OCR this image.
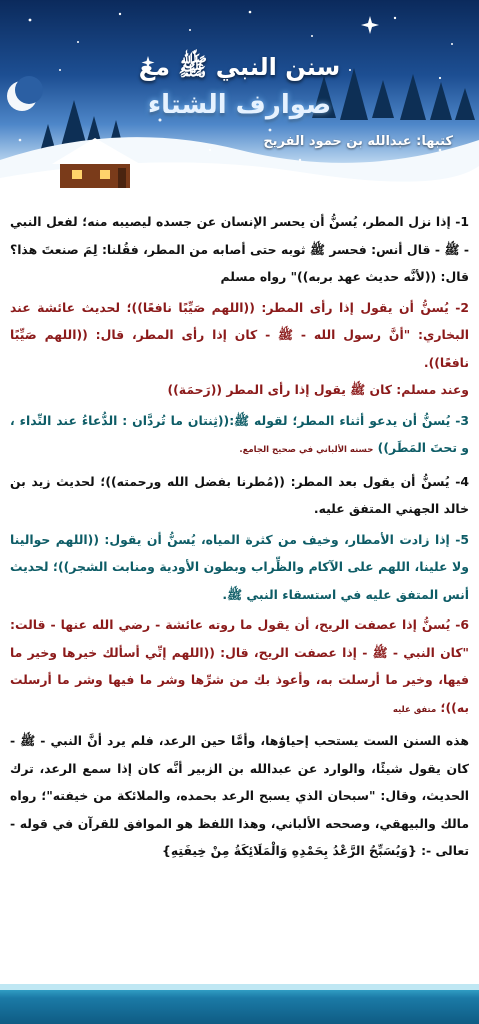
سنن النبي ﷺ مع
صوارف الشتاء
كتبها: عبدالله بن حمود الفريح

1- إذا نزل المطر، يُسنُّ أن يحسر الإنسان عن جسده ليصيبه منه؛ لفعل النبي - ﷺ - قال أنس: فحسر ﷺ ثوبه حتى أصابه من المطر، فقُلنا: لِمَ صنعتَ هذا؟ قال: ((لأنَّه حديث عهد بربه))" رواه مسلم

2- يُسنُّ أن يقول إذا رأى المطر: ((اللهم صَيِّبًا نافعًا))؛ لحديث عائشة عند البخاري: "أنَّ رسول الله - ﷺ - كان إذا رأى المطر، قال: ((اللهم صَيِّبًا نافعًا)).

وعند مسلم: كان ﷺ يقول إذا رأى المطر ((رَحمَة))

3- يُسنُّ أن يدعو أثناء المطر؛ لقوله ﷺ:((ثِنتان ما تُردَّان : الدُّعاءُ عند النِّداء ، و تحتَ المَطَر)) حسنه الألباني في صحيح الجامع.

4- يُسنُّ أن يقول بعد المطر: ((مُطرنا بفضل الله ورحمته))؛ لحديث زيد بن خالد الجهني المتفق عليه.

5- إذا زادت الأمطار، وخيف من كثرة المياه، يُسنُّ أن يقول: ((اللهم حوالينا ولا علينا، اللهم على الآكام والظِّراب وبطون الأودية ومنابت الشجر))؛ لحديث أنس المتفق عليه في استسقاء النبي ﷺ.

6- يُسنُّ إذا عصفت الريح، أن يقول ما روته عائشة - رضي الله عنها - قالت: "كان النبي - ﷺ - إذا عصفت الريح، قال: ((اللهم إنِّي أسألك خيرها وخير ما فيها، وخير ما أرسلت به، وأعوذ بك من شرِّها وشر ما فيها وشر ما أرسلت به))؛ متفق عليه

هذه السنن الست يستحب إحياؤها، وأمَّا حين الرعد، فلم يرد أنَّ النبي - ﷺ - كان يقول شيئًا، والوارد عن عبدالله بن الزبير أنَّه كان إذا سمع الرعد، ترك الحديث، وقال: "سبحان الذي يسبح الرعد بحمده، والملائكة من خيفته"؛ رواه مالك والبيهقي، وصححه الألباني، وهذا اللفظ هو الموافق للقرآن في قوله - تعالى -: {وَيُسَبِّحُ الرَّعْدُ بِحَمْدِهِ وَالْمَلَائِكَةُ مِنْ خِيفَتِهِ}
